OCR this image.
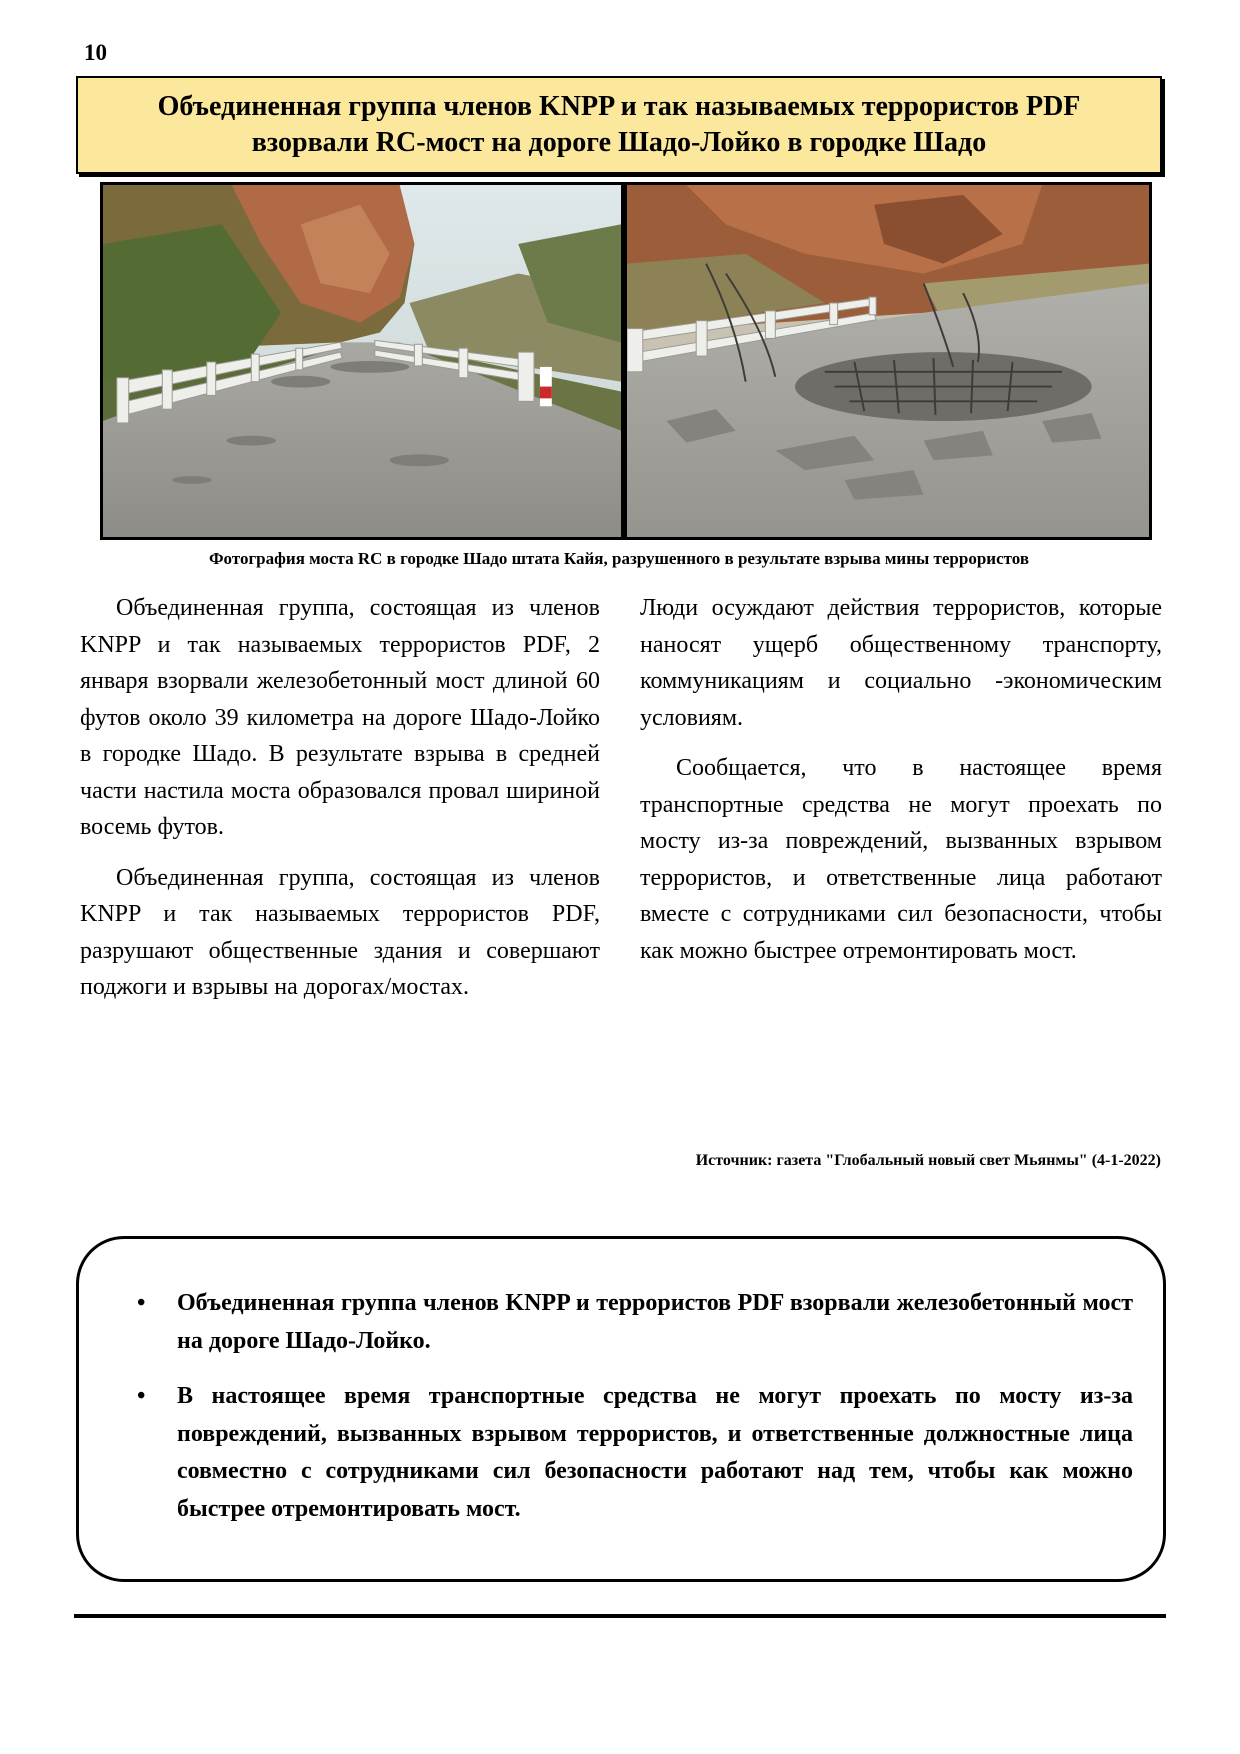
10
Объединенная группа членов KNPP и так называемых террористов PDF
взорвали RC-мост на дороге Шадо-Лойко в городке Шадо
Фотография моста RC в городке Шадо штата Кайя, разрушенного в результате взрыва мины террористов

Объединенная группа, состоящая из членов KNPP и так называемых террористов PDF, 2 января взорвали железобетонный мост длиной 60 футов около 39 километра на дороге Шадо-Лойко в городке Шадо. В результате взрыва в средней части настила моста образовался провал шириной восемь футов.

Объединенная группа, состоящая из членов KNPP и так называемых террористов PDF, разрушают общественные здания и совершают поджоги и взрывы на дорогах/мостах.

Люди осуждают действия террористов, которые наносят ущерб общественному транспорту, коммуникациям и социально -экономическим условиям.

Сообщается, что в настоящее время транспортные средства не могут проехать по мосту из-за повреждений, вызванных взрывом террористов, и ответственные лица работают вместе с сотрудниками сил безопасности, чтобы как можно быстрее отремонтировать мост.

Источник: газета "Глобальный новый свет Мьянмы" (4-1-2022)
• Объединенная группа членов KNPP и террористов PDF взорвали железобетонный мост на дороге Шадо-Лойко.
• В настоящее время транспортные средства не могут проехать по мосту из-за повреждений, вызванных взрывом террористов, и ответственные должностные лица совместно с сотрудниками сил безопасности работают над тем, чтобы как можно быстрее отремонтировать мост.
